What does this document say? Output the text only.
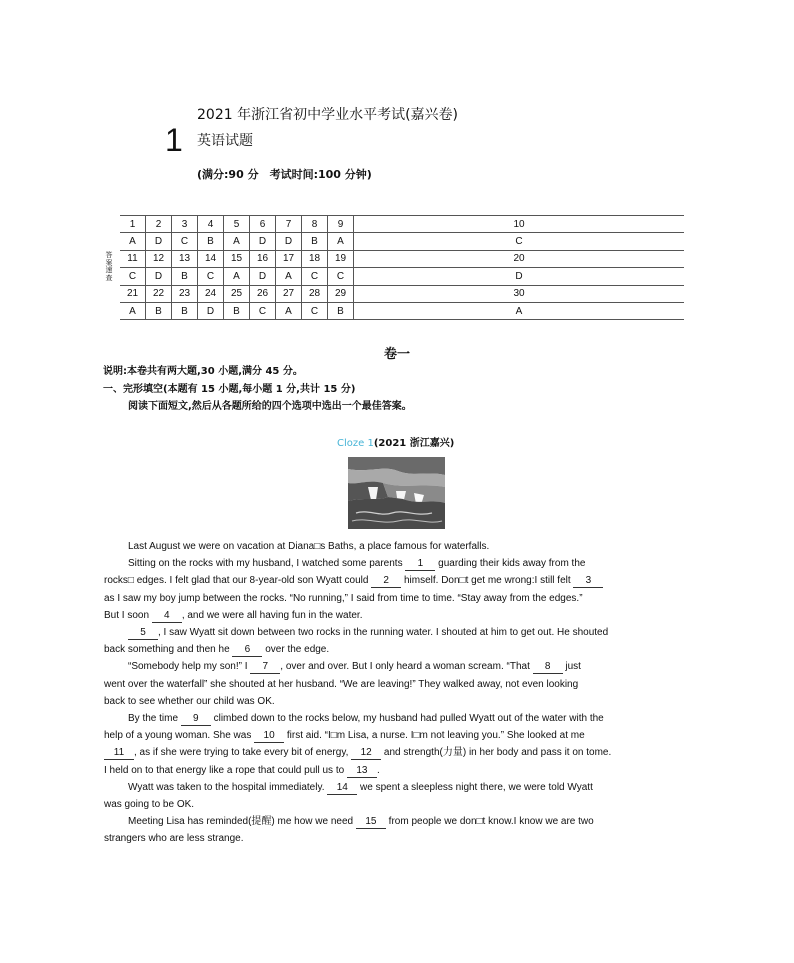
1
2021 年浙江省初中学业水平考试(嘉兴卷)
英语试题
(满分:90 分　考试时间:100 分钟)
答案速查
1	2	3	4	5	6	7	8	9	10
A	D	C	B	A	D	D	B	A	C
11	12	13	14	15	16	17	18	19	20
C	D	B	C	A	D	A	C	C	D
21	22	23	24	25	26	27	28	29	30
A	B	B	D	B	C	A	C	B	A
卷一
说明:本卷共有两大题,30 小题,满分 45 分。
一、完形填空(本题有 15 小题,每小题 1 分,共计 15 分)
阅读下面短文,然后从各题所给的四个选项中选出一个最佳答案。
Cloze 1(2021 浙江嘉兴)
Last August we were on vacation at Diana□s Baths, a place famous for waterfalls.
Sitting on the rocks with my husband, I watched some parents 1 guarding their kids away from the
rocks□ edges. I felt glad that our 8-year-old son Wyatt could 2 himself. Don□t get me wrong:I still felt 3
as I saw my boy jump between the rocks. “No running,” I said from time to time. “Stay away from the edges.”
But I soon 4 , and we were all having fun in the water.
5 , I saw Wyatt sit down between two rocks in the running water. I shouted at him to get out. He shouted
back something and then he 6 over the edge.
“Somebody help my son!” I 7 , over and over. But I only heard a woman scream. “That 8 just
went over the waterfall” she shouted at her husband. “We are leaving!” They walked away, not even looking
back to see whether our child was OK.
By the time 9 climbed down to the rocks below, my husband had pulled Wyatt out of the water with the
help of a young woman. She was 10 first aid. “I□m Lisa, a nurse. I□m not leaving you.” She looked at me
11 , as if she were trying to take every bit of energy, 12 and strength(力量) in her body and pass it on tome.
I held on to that energy like a rope that could pull us to 13 .
Wyatt was taken to the hospital immediately. 14 we spent a sleepless night there, we were told Wyatt
was going to be OK.
Meeting Lisa has reminded(提醒) me how we need 15 from people we don□t know.I know we are two
strangers who are less strange.
